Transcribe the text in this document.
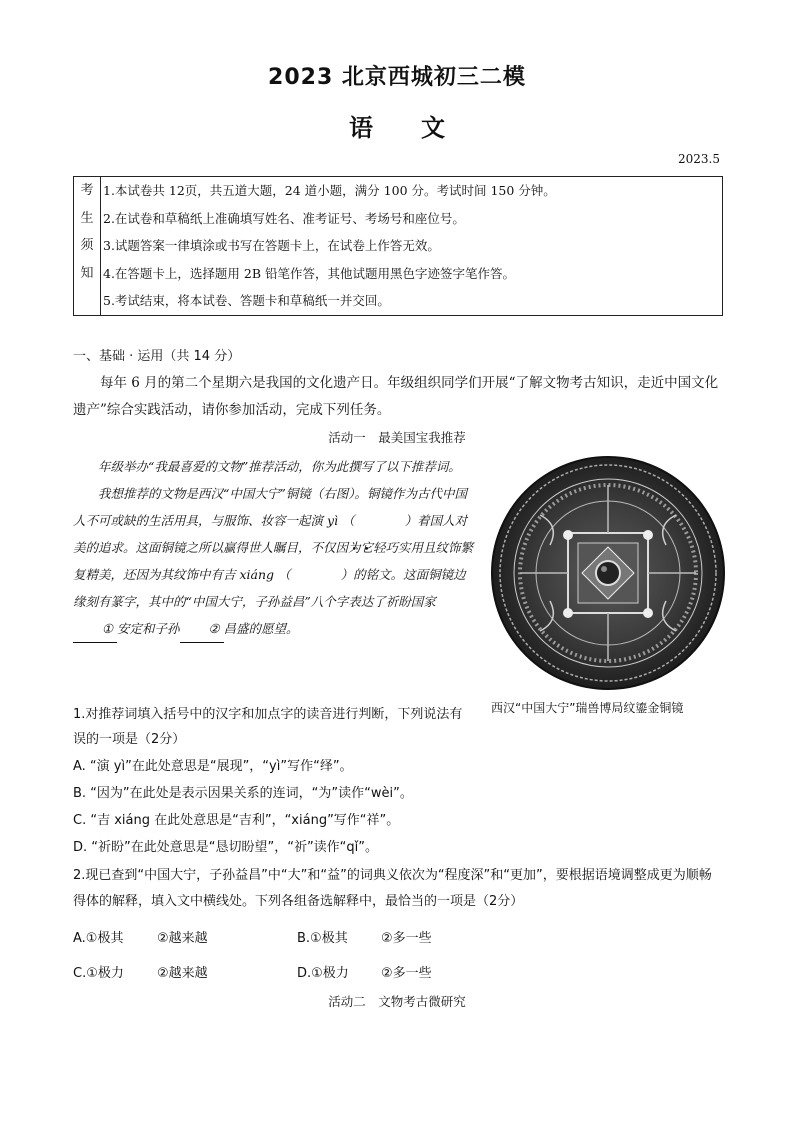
2023 北京西城初三二模
语 文
2023.5
考
生
须
知

1.本试卷共 12页，共五道大题，24 道小题，满分 100 分。考试时间 150 分钟。
2.在试卷和草稿纸上准确填写姓名、准考证号、考场号和座位号。
3.试题答案一律填涂或书写在答题卡上，在试卷上作答无效。
4.在答题卡上，选择题用 2B 铅笔作答，其他试题用黑色字迹签字笔作答。
5.考试结束，将本试卷、答题卡和草稿纸一并交回。
一、基础 · 运用（共 14 分）

每年 6 月的第二个星期六是我国的文化遗产日。年级组织同学们开展“了解文物考古知识，走近中国文化遗产”综合实践活动，请你参加活动，完成下列任务。

活动一　最美国宝我推荐

年级举办“我最喜爱的文物”推荐活动，你为此撰写了以下推荐词。

我想推荐的文物是西汉“中国大宁”铜镜（右图）。铜镜作为古代中国人不可或缺的生活用具，与服饰、妆容一起演 yì （	）着国人对美的追求。这面铜镜之所以赢得世人瞩目，不仅因 •为 •它轻巧实用且纹饰繁复精美，还因为其纹饰中有吉 xiáng （	）的铭文。这面铜镜边缘刻有篆字，其中的“中国大宁，子孙益昌”八个字表达了祈盼国家① 安定和子孙 ② 昌盛的愿望。

西汉“中国大宁”瑞兽博局纹鎏金铜镜

1.对推荐词填入括号中的汉字和加点字的读音进行判断，下列说法有

误的一项是（2分）

A. “演 yì”在此处意思是“展现”，“yì”写作“绎”。

B. “因为”在此处是表示因果关系的连词，“为”读作“wèi”。

C. “吉 xiáng 在此处意思是“吉利”，“xiáng”写作“祥”。

D. “祈盼”在此处意思是“恳切盼望”，“祈”读作“qǐ”。

2.现已查到“中国大宁，子孙益昌”中“大”和“益”的词典义依次为“程度深”和“更加”，要根据语境调整成更为顺畅得体的解释，填入文中横线处。下列各组备选解释中，最恰当的一项是（2分）
A.①极其	②越来越	B.①极其	②多一些
C.①极力	②越来越	D.①极力 ②多一些
活动二　文物考古微研究
